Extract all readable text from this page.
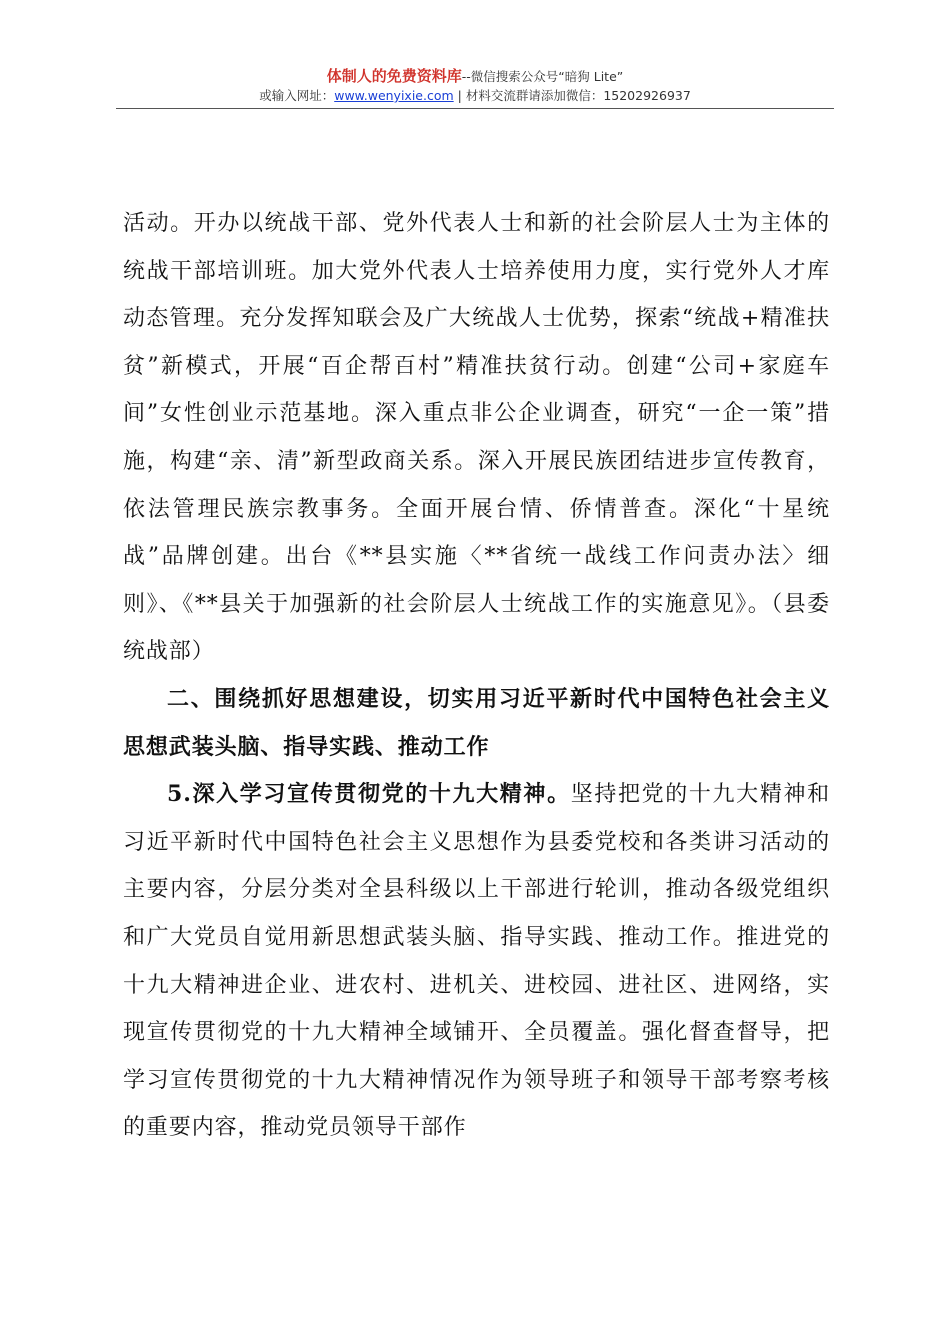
体制人的免费资料库--微信搜索公众号“暗狗 Lite”
或输入网址：www.wenyixie.com | 材料交流群请添加微信：15202926937

活动。开办以统战干部、党外代表人士和新的社会阶层人士为主体的统战干部培训班。加大党外代表人士培养使用力度，实行党外人才库动态管理。充分发挥知联会及广大统战人士优势，探索“统战+精准扶贫”新模式，开展“百企帮百村”精准扶贫行动。创建“公司+家庭车间”女性创业示范基地。深入重点非公企业调查，研究“一企一策”措施，构建“亲、清”新型政商关系。深入开展民族团结进步宣传教育，依法管理民族宗教事务。全面开展台情、侨情普查。深化“十星统战”品牌创建。出台《**县实施〈**省统一战线工作问责办法〉细则》、《**县关于加强新的社会阶层人士统战工作的实施意见》。（县委统战部）

二、围绕抓好思想建设，切实用习近平新时代中国特色社会主义思想武装头脑、指导实践、推动工作

5.深入学习宣传贯彻党的十九大精神。坚持把党的十九大精神和习近平新时代中国特色社会主义思想作为县委党校和各类讲习活动的主要内容，分层分类对全县科级以上干部进行轮训，推动各级党组织和广大党员自觉用新思想武装头脑、指导实践、推动工作。推进党的十九大精神进企业、进农村、进机关、进校园、进社区、进网络，实现宣传贯彻党的十九大精神全域铺开、全员覆盖。强化督查督导，把学习宣传贯彻党的十九大精神情况作为领导班子和领导干部考察考核的重要内容，推动党员领导干部作
